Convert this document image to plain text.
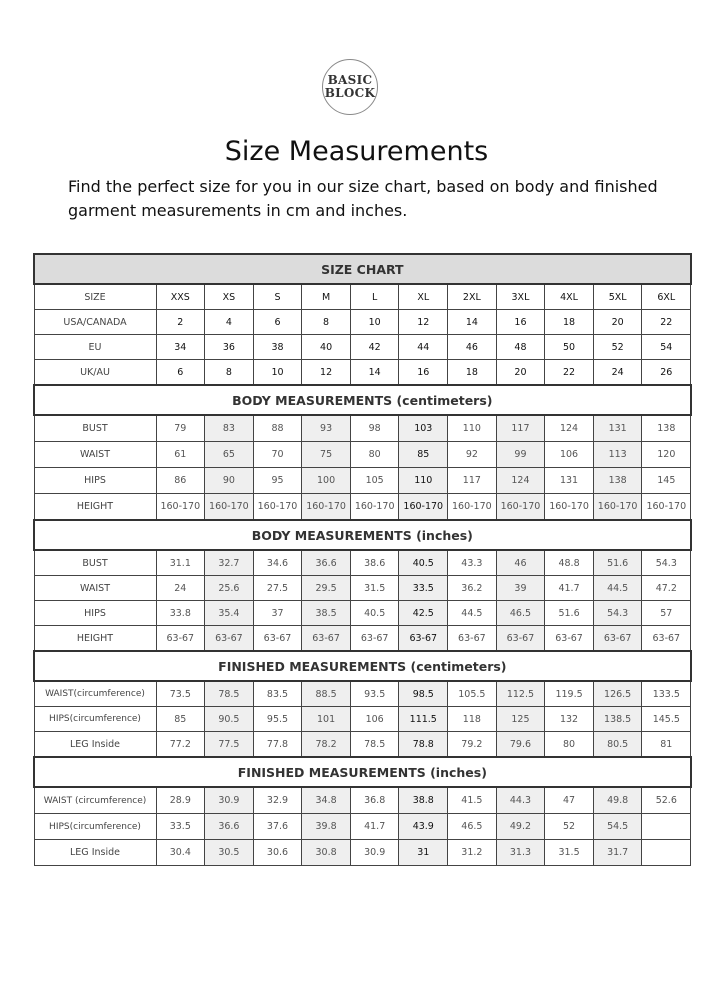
BASIC
BLOCK
Size Measurements
Find the perfect size for you in our size chart, based on body and finished garment measurements in cm and inches.
SIZE CHART											
SIZE	XXS	XS	S	M	L	XL	2XL	3XL	4XL	5XL	6XL
USA/CANADA	2	4	6	8	10	12	14	16	18	20	22
EU	34	36	38	40	42	44	46	48	50	52	54
UK/AU	6	8	10	12	14	16	18	20	22	24	26
BODY MEASUREMENTS (centimeters)											
BUST	79	83	88	93	98	103	110	117	124	131	138
WAIST	61	65	70	75	80	85	92	99	106	113	120
HIPS	86	90	95	100	105	110	117	124	131	138	145
HEIGHT	160-170	160-170	160-170	160-170	160-170	160-170	160-170	160-170	160-170	160-170	160-170
BODY MEASUREMENTS (inches)											
BUST	31.1	32.7	34.6	36.6	38.6	40.5	43.3	46	48.8	51.6	54.3
WAIST	24	25.6	27.5	29.5	31.5	33.5	36.2	39	41.7	44.5	47.2
HIPS	33.8	35.4	37	38.5	40.5	42.5	44.5	46.5	51.6	54.3	57
HEIGHT	63-67	63-67	63-67	63-67	63-67	63-67	63-67	63-67	63-67	63-67	63-67
FINISHED MEASUREMENTS (centimeters)											
WAIST(circumference)	73.5	78.5	83.5	88.5	93.5	98.5	105.5	112.5	119.5	126.5	133.5
HIPS(circumference)	85	90.5	95.5	101	106	111.5	118	125	132	138.5	145.5
LEG Inside	77.2	77.5	77.8	78.2	78.5	78.8	79.2	79.6	80	80.5	81
FINISHED MEASUREMENTS (inches)											
WAIST (circumference)	28.9	30.9	32.9	34.8	36.8	38.8	41.5	44.3	47	49.8	52.6
HIPS(circumference)	33.5	36.6	37.6	39.8	41.7	43.9	46.5	49.2	52	54.5	
LEG Inside	30.4	30.5	30.6	30.8	30.9	31	31.2	31.3	31.5	31.7	
